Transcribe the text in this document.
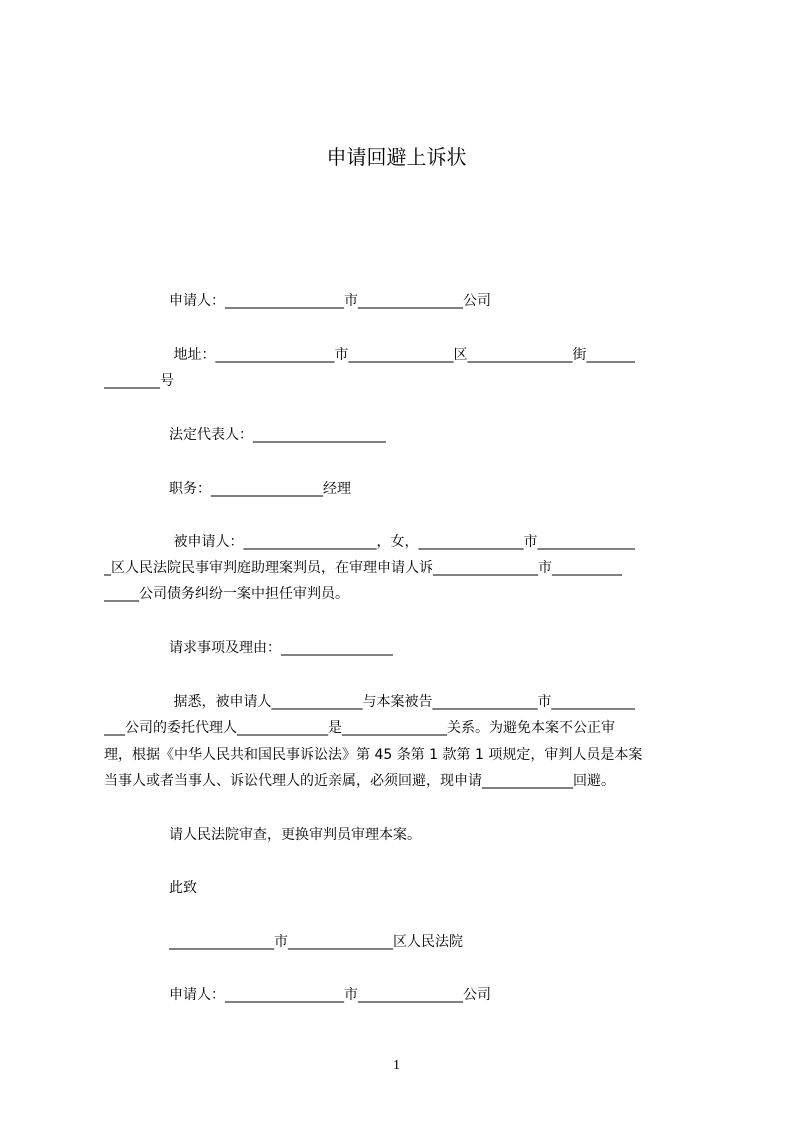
申请回避上诉状
申请人：_________________市_______________公司
地址：_________________市_______________区_______________街_______
________号
法定代表人：___________________
职务：________________经理
被申请人：___________________，女，_______________市______________
_区人民法院民事审判庭助理案判员，在审理申请人诉_______________市__________
_____公司债务纠纷一案中担任审判员。
请求事项及理由：________________
据悉，被申请人_____________与本案被告_______________市____________
___公司的委托代理人_____________是_______________关系。为避免本案不公正审
理，根据《中华人民共和国民事诉讼法》第 45 条第 1 款第 1 项规定，审判人员是本案
当事人或者当事人、诉讼代理人的近亲属，必须回避，现申请_____________回避。
请人民法院审查，更换审判员审理本案。
此致
_______________市_______________区人民法院
申请人：_________________市_______________公司
1
